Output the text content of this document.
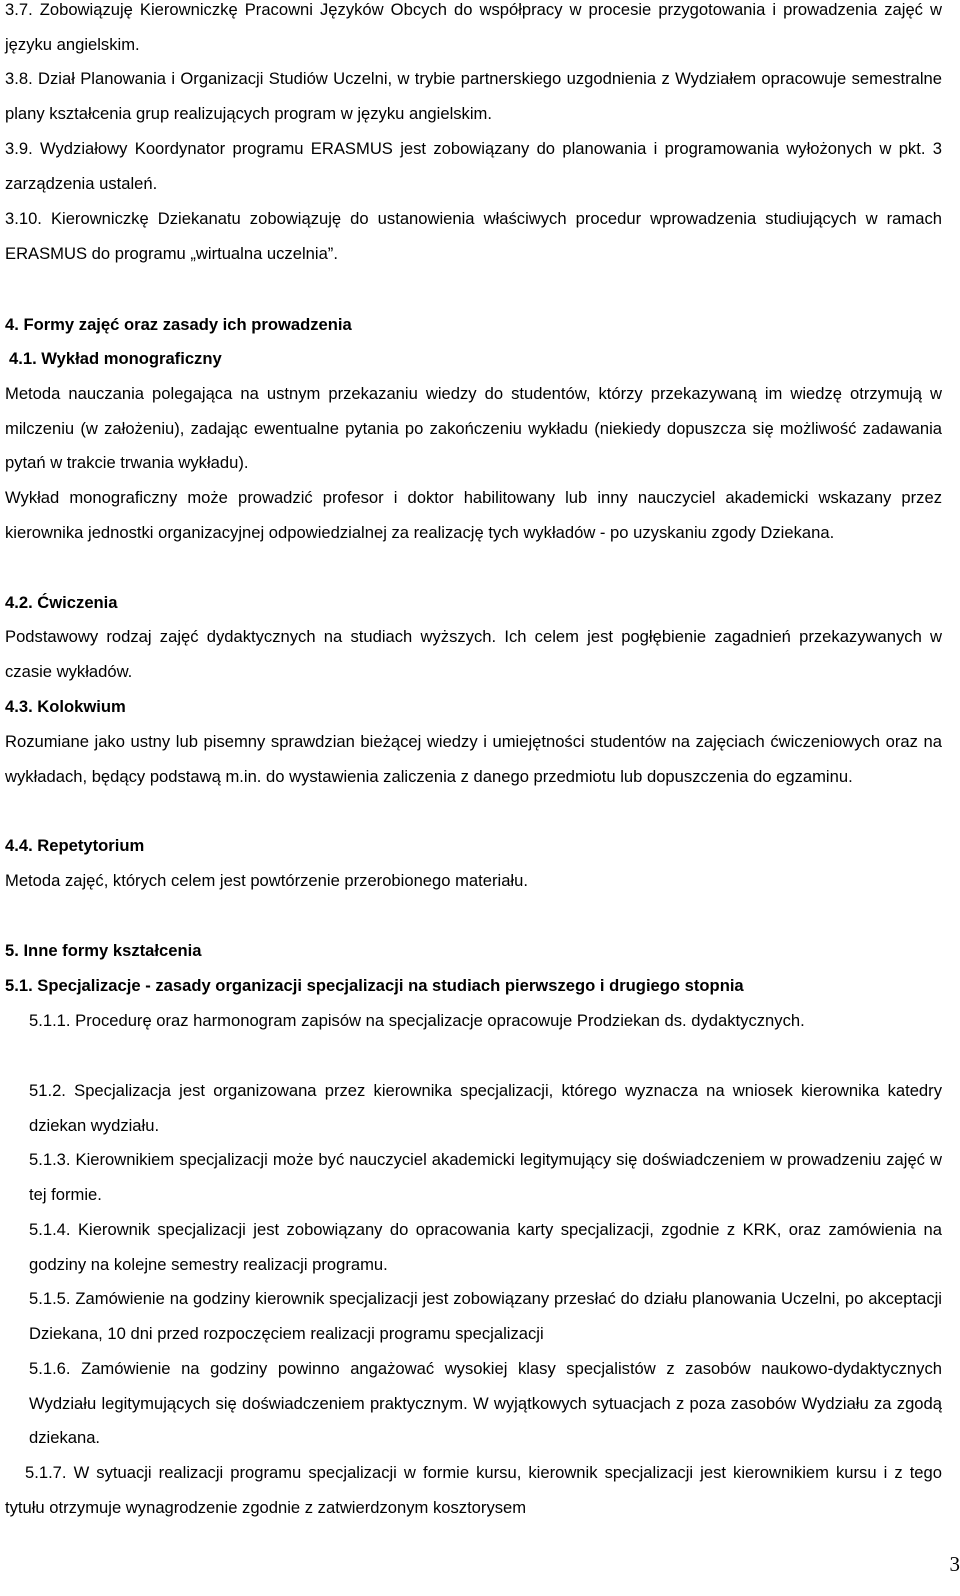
3.7. Zobowiązuję Kierowniczkę Pracowni Języków Obcych do współpracy w procesie przygotowania i prowadzenia zajęć w języku angielskim.

3.8. Dział Planowania i Organizacji Studiów Uczelni, w trybie partnerskiego uzgodnienia z Wydziałem opracowuje semestralne plany kształcenia grup realizujących program w języku angielskim.

3.9. Wydziałowy Koordynator programu ERASMUS jest zobowiązany do planowania i programowania wyłożonych w pkt. 3 zarządzenia ustaleń.

3.10. Kierowniczkę Dziekanatu zobowiązuję do ustanowienia właściwych procedur wprowadzenia studiujących w ramach ERASMUS do programu „wirtualna uczelnia”.

4. Formy zajęć oraz zasady ich prowadzenia

4.1. Wykład monograficzny

Metoda nauczania polegająca na ustnym przekazaniu wiedzy do studentów, którzy przekazywaną im wiedzę otrzymują w milczeniu (w założeniu), zadając ewentualne pytania po zakończeniu wykładu (niekiedy dopuszcza się możliwość zadawania pytań w trakcie trwania wykładu).

Wykład monograficzny może prowadzić profesor i doktor habilitowany lub inny nauczyciel akademicki wskazany przez kierownika jednostki organizacyjnej odpowiedzialnej za realizację tych wykładów - po uzyskaniu zgody Dziekana.

4.2. Ćwiczenia

Podstawowy rodzaj zajęć dydaktycznych na studiach wyższych. Ich celem jest pogłębienie zagadnień przekazywanych w czasie wykładów.

4.3. Kolokwium

Rozumiane jako ustny lub pisemny sprawdzian bieżącej wiedzy i umiejętności studentów na zajęciach ćwiczeniowych oraz na wykładach, będący podstawą m.in. do wystawienia zaliczenia z danego przedmiotu lub dopuszczenia do egzaminu.

4.4. Repetytorium

Metoda zajęć, których celem jest powtórzenie przerobionego materiału.

5. Inne formy kształcenia

5.1. Specjalizacje - zasady organizacji specjalizacji na studiach pierwszego i drugiego stopnia

5.1.1. Procedurę oraz harmonogram zapisów na specjalizacje opracowuje Prodziekan ds. dydaktycznych.

51.2. Specjalizacja jest organizowana przez kierownika specjalizacji, którego wyznacza na wniosek kierownika katedry dziekan wydziału.

5.1.3. Kierownikiem specjalizacji może być nauczyciel akademicki legitymujący się doświadczeniem w prowadzeniu zajęć w tej formie.

5.1.4. Kierownik specjalizacji jest zobowiązany do opracowania karty specjalizacji, zgodnie z KRK, oraz zamówienia na godziny na kolejne semestry realizacji programu.

5.1.5. Zamówienie na godziny kierownik specjalizacji jest zobowiązany przesłać do działu planowania Uczelni, po akceptacji Dziekana, 10 dni przed rozpoczęciem realizacji programu specjalizacji

5.1.6. Zamówienie na godziny powinno angażować wysokiej klasy specjalistów z zasobów naukowo-dydaktycznych Wydziału legitymujących się doświadczeniem praktycznym. W wyjątkowych sytuacjach z poza zasobów Wydziału za zgodą dziekana.

5.1.7. W sytuacji realizacji programu specjalizacji w formie kursu, kierownik specjalizacji jest kierownikiem kursu i z tego tytułu otrzymuje wynagrodzenie zgodnie z zatwierdzonym kosztorysem

3
